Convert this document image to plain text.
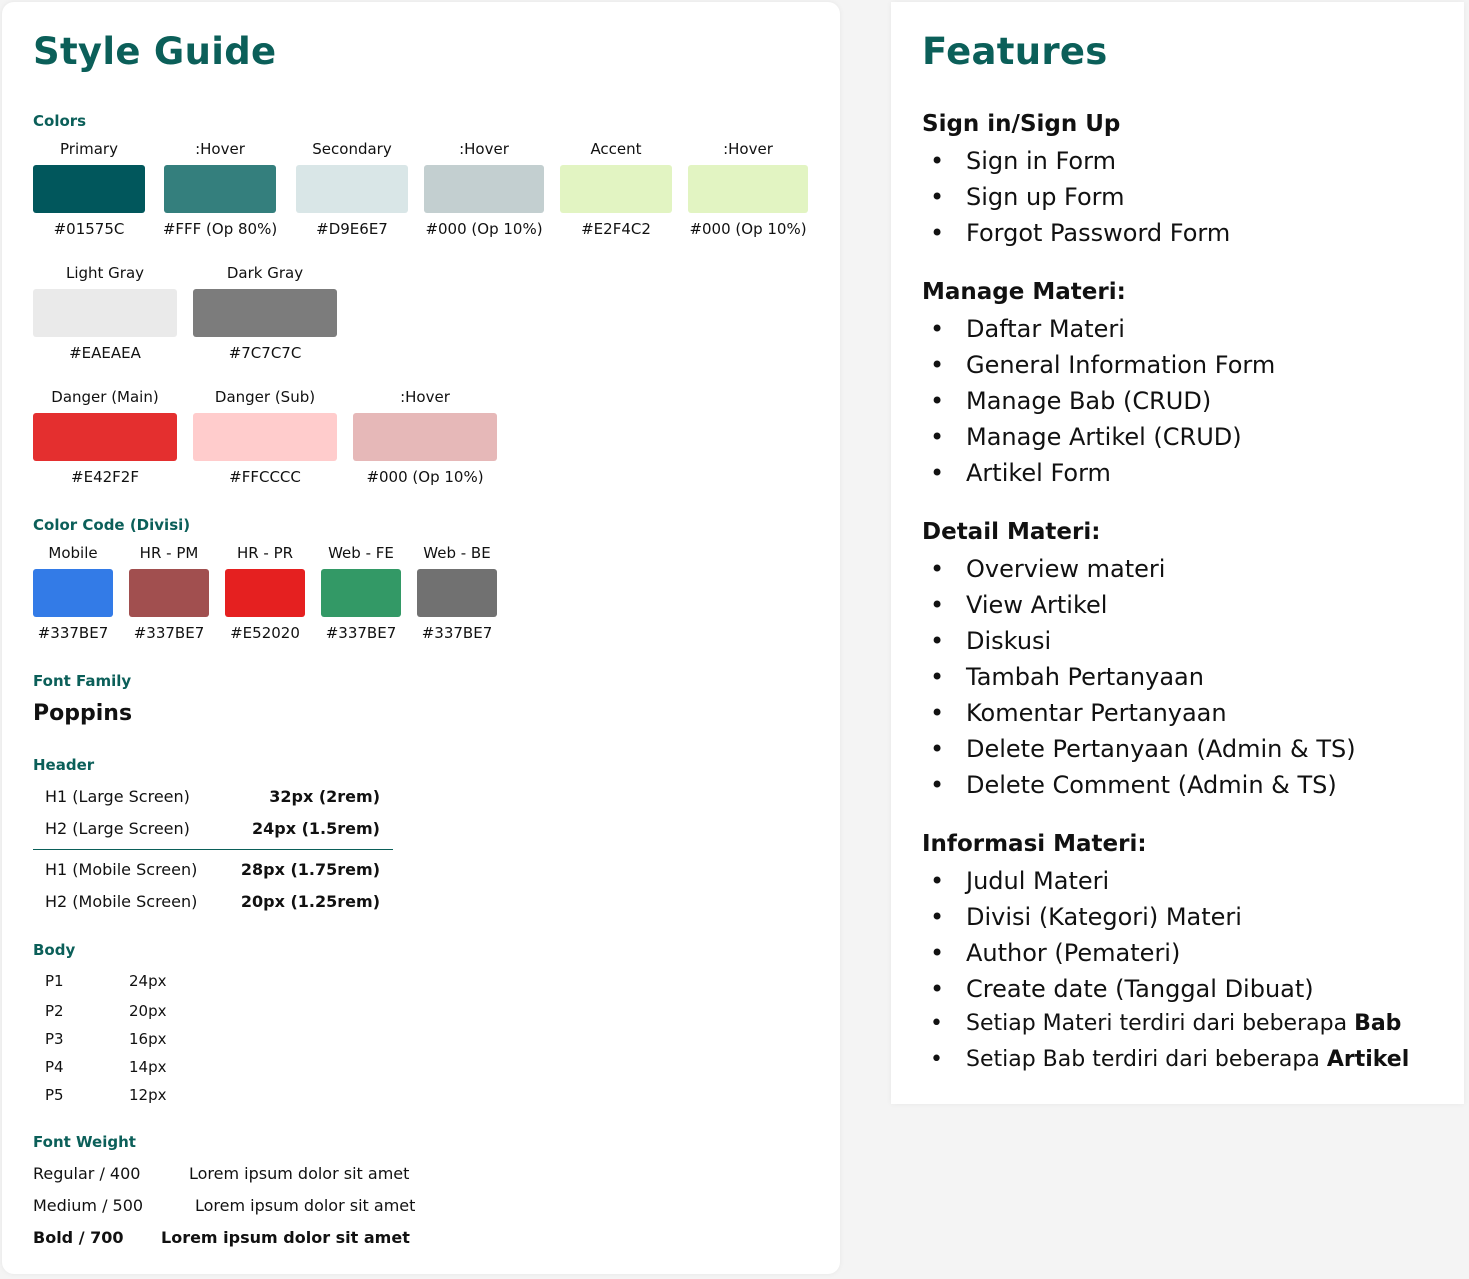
Style Guide
Colors
Primary
#01575C
:Hover
#FFF (Op 80%)
Secondary
#D9E6E7
:Hover
#000 (Op 10%)
Accent
#E2F4C2
:Hover
#000 (Op 10%)
Light Gray
#EAEAEA
Dark Gray
#7C7C7C
Danger (Main)
#E42F2F
Danger (Sub)
#FFCCCC
:Hover
#000 (Op 10%)
Color Code (Divisi)
Mobile
#337BE7
HR - PM
#337BE7
HR - PR
#E52020
Web - FE
#337BE7
Web - BE
#337BE7
Font Family
Poppins
Header
H1 (Large Screen)	32px (2rem)
H2 (Large Screen)	24px (1.5rem)
H1 (Mobile Screen)	28px (1.75rem)
H2 (Mobile Screen)	20px (1.25rem)
Body
P1	24px
P2	20px
P3	16px
P4	14px
P5	12px
Font Weight
Regular / 400	Lorem ipsum dolor sit amet
Medium / 500	Lorem ipsum dolor sit amet
Bold / 700 Lorem ipsum dolor sit amet
Features
Sign in/Sign Up
• Sign in Form
• Sign up Form
• Forgot Password Form
Manage Materi:
• Daftar Materi
• General Information Form
• Manage Bab (CRUD)
• Manage Artikel (CRUD)
• Artikel Form
Detail Materi:
• Overview materi
• View Artikel
• Diskusi
• Tambah Pertanyaan
• Komentar Pertanyaan
• Delete Pertanyaan (Admin & TS)
• Delete Comment (Admin & TS)
Informasi Materi:
• Judul Materi
• Divisi (Kategori) Materi
• Author (Pemateri)
• Create date (Tanggal Dibuat)
• Setiap Materi terdiri dari beberapa Bab
• Setiap Bab terdiri dari beberapa Artikel
